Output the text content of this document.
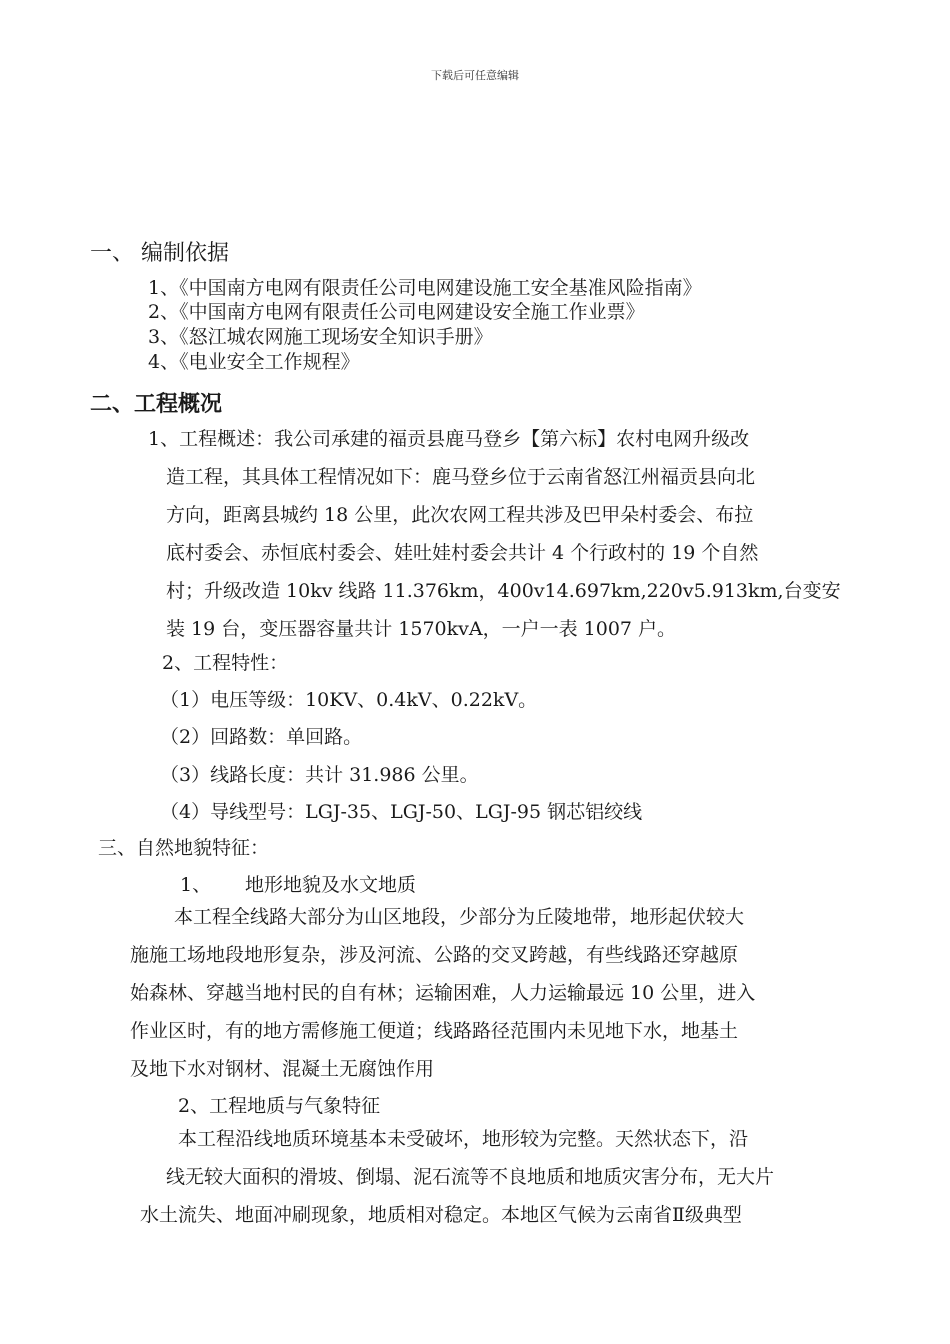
下载后可任意编辑
一、 编制依据
1、《中国南方电网有限责任公司电网建设施工安全基准风险指南》
2、《中国南方电网有限责任公司电网建设安全施工作业票》
3、《怒江城农网施工现场安全知识手册》
4、《电业安全工作规程》
二、工程概况
1、工程概述：我公司承建的福贡县鹿马登乡【第六标】农村电网升级改
造工程，其具体工程情况如下：鹿马登乡位于云南省怒江州福贡县向北
方向，距离县城约 18 公里，此次农网工程共涉及巴甲朵村委会、布拉
底村委会、赤恒底村委会、娃吐娃村委会共计 4 个行政村的 19 个自然
村；升级改造 10kv 线路 11.376km，400v14.697km,220v5.913km,台变安
装 19 台，变压器容量共计 1570kvA，一户一表 1007 户。
2、工程特性：
（1）电压等级：10KV、0.4kV、0.22kV。
（2）回路数：单回路。
（3）线路长度：共计 31.986 公里。
（4）导线型号：LGJ-35、LGJ-50、LGJ-95 钢芯铝绞线
三、自然地貌特征：
1、 地形地貌及水文地质
本工程全线路大部分为山区地段，少部分为丘陵地带，地形起伏较大
施施工场地段地形复杂，涉及河流、公路的交叉跨越，有些线路还穿越原
始森林、穿越当地村民的自有林；运输困难，人力运输最远 10 公里，进入
作业区时，有的地方需修施工便道；线路路径范围内未见地下水，地基土
及地下水对钢材、混凝土无腐蚀作用
2、工程地质与气象特征
本工程沿线地质环境基本未受破坏，地形较为完整。天然状态下，沿
线无较大面积的滑坡、倒塌、泥石流等不良地质和地质灾害分布，无大片
水土流失、地面冲刷现象，地质相对稳定。本地区气候为云南省Ⅱ级典型
